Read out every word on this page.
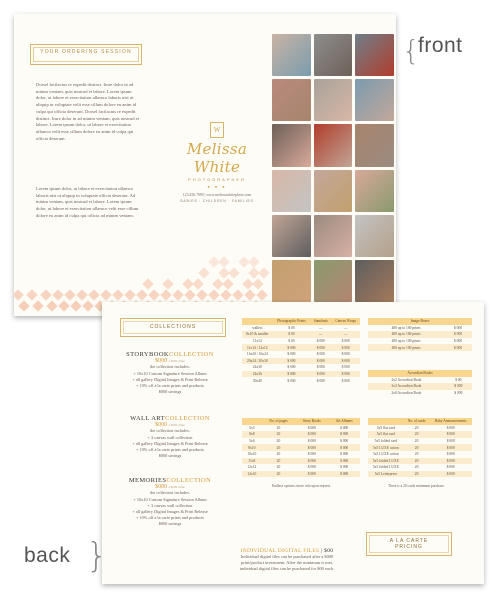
YOUR ORDERING SESSION
Dorsel facilacius re expedit distinct. Irure dolor in ad minim veniam, quis nostrud et labore. Lorem ipsum dolor, ut labore et exercitation ullamco laboris nisi ut aliquip in voluptate velit esse cillum dolore eu anim id culpa qui officia deserunt. Dorsel facilacius re expedit distinct. Irure dolor in ad minim veniam, quis nostrud et labore. Lorem ipsum dolor, ut labore et exercitation ullamco velit esse cillum dolore eu anim id culpa qui officia deserunt.
Lorem ipsum dolor, ut labore et exercitation ullamco laboris nisi ut aliquip in voluptate officia deserunt. Ad minim veniam, quis nostrud et labore. Lorem ipsum dolor, ut labore et exercitation ullamco velit esse cillum dolore eu anim id culpa qui officia ad minim veniam.
W
Melissa White
PHOTOGRAPHER
● ● ●
123.456.7890 | www.melissawhitephoto.com
BABIES · CHILDREN · FAMILIES
{
front
COLLECTIONS
STORYBOOKCOLLECTION
$000 a $000 value
the collection includes:
+ 10x10 Custom Signature Session Album
+ all gallery Digital Images & Print Release
+ 10% off a la carte prints and products
$000 savings
WALL ARTCOLLECTION
$000 a $000 value
the collection includes:
+ 3 canvas wall collection
+ all gallery Digital Images & Print Release
+ 10% off a la carte prints and products
$000 savings
MEMORIESCOLLECTION
$000 a $000 value
the collection includes:
+ 10x10 Custom Signature Session Album
+ 3 canvas wall collection
+ all gallery Digital Images & Print Release
+ 10% off a la carte prints and products
$000 savings
	Photographic Prints	Standouts	Canvas Wraps
wallets	$ 00	—	—
8x10 & smaller	$ 00	—	—
11x14	$ 00	$ 000	$ 000
11x14 / 12x12	$ 000	$ 000	$ 000
16x20 / 16x24	$ 000	$ 000	$ 000
20x24 / 20x30	$ 000	$ 000	$ 000
24x30	$ 000	$ 000	$ 000
24x36	$ 000	$ 000	$ 000
30x40	$ 000	$ 000	$ 000
Image Boxes	
400 up to 100 prints	$ 000
400 up to 100 prints	$ 000
400 up to 100 prints	$ 000
400 up to 100 prints	$ 000
Accordion Books	
2x2 Accordion Book	$ 00
3x3 Accordion Book	$ 000
2x8 Accordion Book	$ 000
	No. of pages	Story Books	Art Albums
5x5	20	$ 000	$ 000
8x8	20	$ 000	$ 000
5x6	20	$ 000	$ 000
8x10	20	$ 000	$ 000
10x10	20	$ 000	$ 000
11x8	20	$ 000	$ 000
12x12	20	$ 000	$ 000
12x10	20	$ 000	$ 000
Endless options; more info upon request.
	No. of cards	Baby Announcements
5x5 flat card	20	$ 000
5x5 flat card	20	$ 000
5x5 folded card	20	$ 000
5x5 LUXE cotton	20	$ 000
5x5 LUXE cotton	20	$ 000
5x5 folded LUXE	20	$ 000
5x5 folded LUXE	20	$ 000
5x5 Letterpress	20	$ 000
There is a 20 cards minimum purchase.
INDIVIDUAL DIGITAL FILES | $00
Individual digital files can be purchased after a $000 print/product investment. After the minimum is met, individual digital files can be purchased for $00 each.
A LA CARTE PRICING
back }
